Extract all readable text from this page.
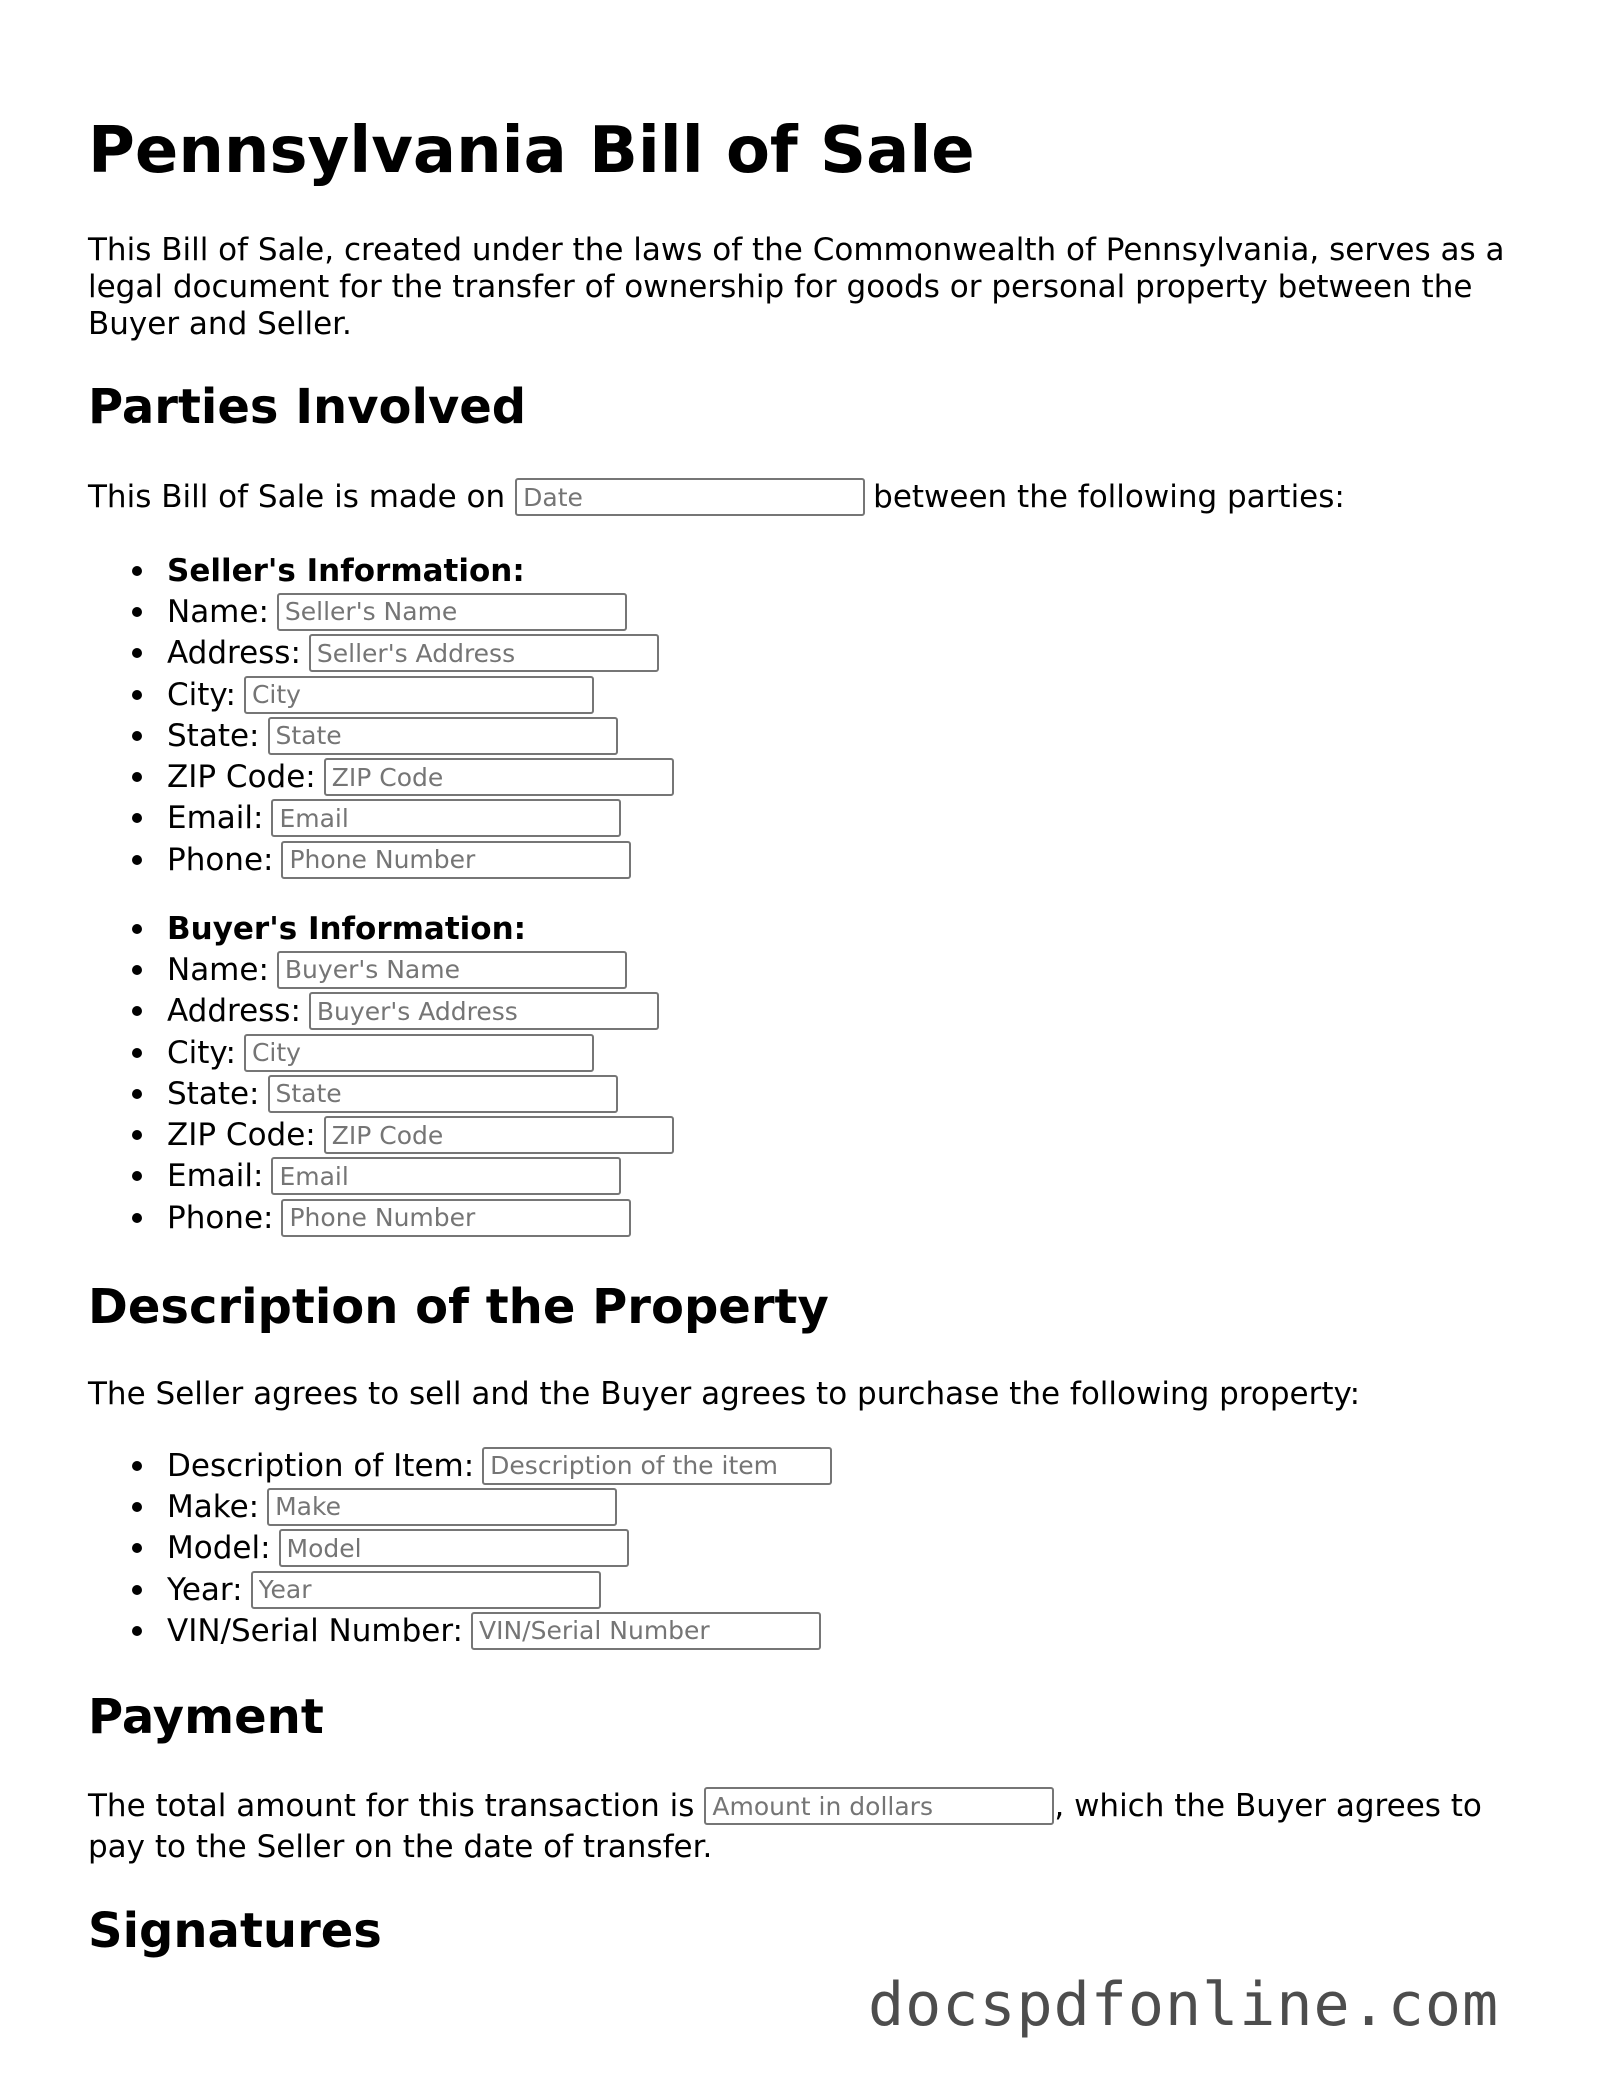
Pennsylvania Bill of Sale

This Bill of Sale, created under the laws of the Commonwealth of Pennsylvania, serves as a legal document for the transfer of ownership for goods or personal property between the Buyer and Seller.

Parties Involved
This Bill of Sale is made on
Date	between the following parties:
Seller's Information:
Name:
Seller's Name
Address:
Seller's Address
City:
City
State:
State
ZIP Code:
ZIP Code
Email:
Email
Phone:
Phone Number
Buyer's Information:
Name:
Buyer's Name
Address:
Buyer's Address
City:
City
State:
State
ZIP Code:
ZIP Code
Email:
Email
Phone:
Phone Number
Description of the Property

The Seller agrees to sell and the Buyer agrees to purchase the following property:

Description of Item:
Description of the item
Make:
Make
Model:
Model
Year:
Year
VIN/Serial Number:
VIN/Serial Number
Payment
The total amount for this transaction is
Amount in dollars	, which the Buyer agrees to

pay to the Seller on the date of transfer.

Signatures
docspdfonline.com
